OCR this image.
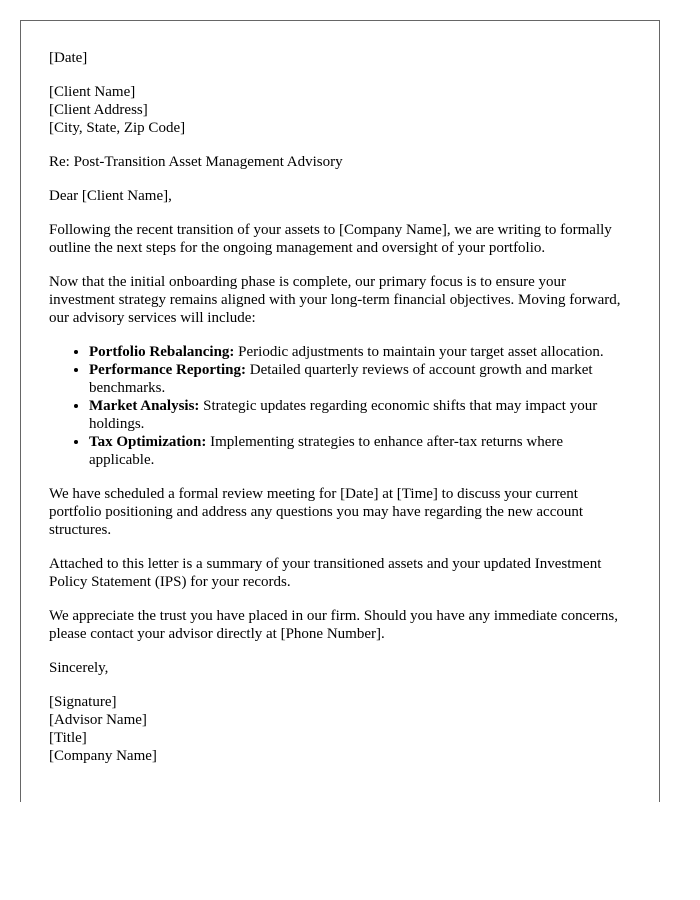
[Date]

[Client Name]
[Client Address]
[City, State, Zip Code]

Re: Post-Transition Asset Management Advisory

Dear [Client Name],

Following the recent transition of your assets to [Company Name], we are writing to formally outline the next steps for the ongoing management and oversight of your portfolio.

Now that the initial onboarding phase is complete, our primary focus is to ensure your investment strategy remains aligned with your long-term financial objectives. Moving forward, our advisory services will include:

• Portfolio Rebalancing: Periodic adjustments to maintain your target asset allocation.
• Performance Reporting: Detailed quarterly reviews of account growth and market benchmarks.
• Market Analysis: Strategic updates regarding economic shifts that may impact your holdings.
• Tax Optimization: Implementing strategies to enhance after-tax returns where applicable.

We have scheduled a formal review meeting for [Date] at [Time] to discuss your current portfolio positioning and address any questions you may have regarding the new account structures.

Attached to this letter is a summary of your transitioned assets and your updated Investment Policy Statement (IPS) for your records.

We appreciate the trust you have placed in our firm. Should you have any immediate concerns, please contact your advisor directly at [Phone Number].

Sincerely,

[Signature]
[Advisor Name]
[Title]
[Company Name]
